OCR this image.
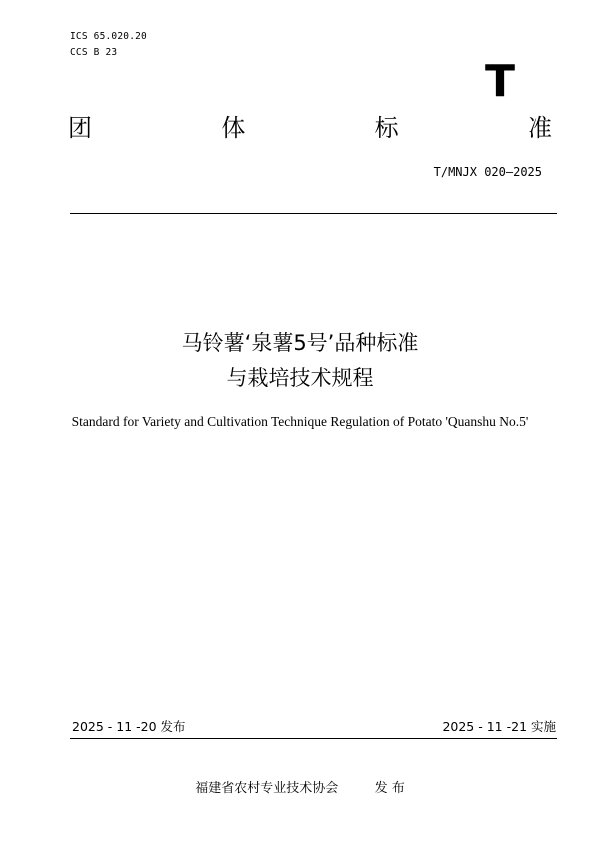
ICS 65.020.20
CCS B 23
T
团	体	标	准
T/MNJX 020—2025
马铃薯‘泉薯5号’品种标准
与栽培技术规程
Standard for Variety and Cultivation Technique Regulation of Potato 'Quanshu No.5'
2025 - 11 -20 发布	2025 - 11 -21 实施
福建省农村专业技术协会	发 布
